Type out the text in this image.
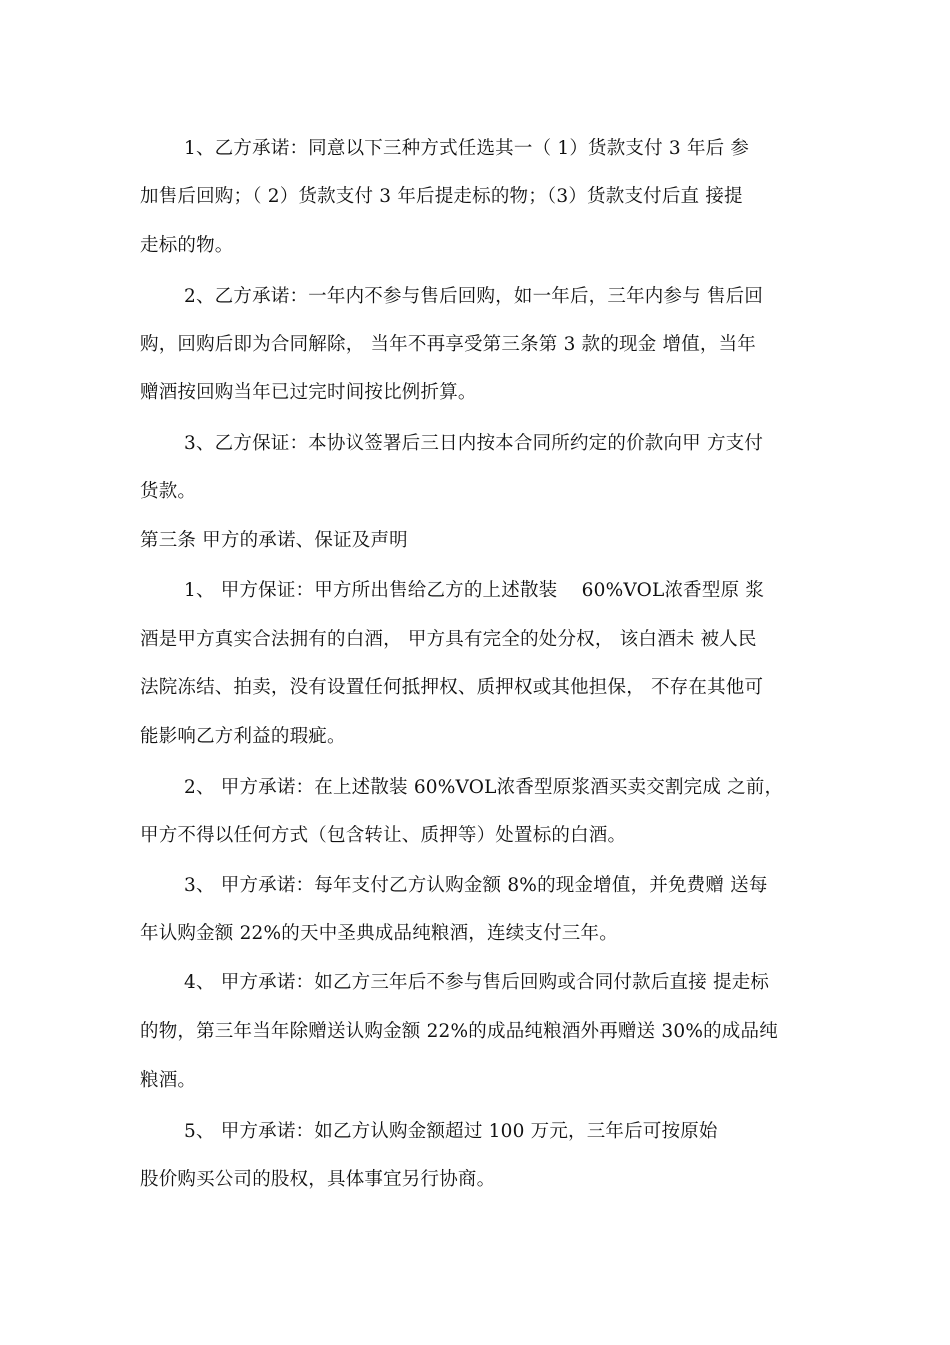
1、乙方承诺：同意以下三种方式任选其一（ 1）货款支付 3 年后 参
加售后回购；（ 2）货款支付 3 年后提走标的物；（3）货款支付后直 接提
走标的物。
2、乙方承诺：一年内不参与售后回购，如一年后，三年内参与 售后回
购，回购后即为合同解除， 当年不再享受第三条第 3 款的现金 增值，当年
赠酒按回购当年已过完时间按比例折算。
3、乙方保证：本协议签署后三日内按本合同所约定的价款向甲 方支付
货款。
第三条 甲方的承诺、保证及声明
1、 甲方保证：甲方所出售给乙方的上述散装    60%VOL浓香型原 浆
酒是甲方真实合法拥有的白酒， 甲方具有完全的处分权， 该白酒未 被人民
法院冻结、拍卖，没有设置任何抵押权、质押权或其他担保， 不存在其他可
能影响乙方利益的瑕疵。
2、 甲方承诺：在上述散装 60%VOL浓香型原浆酒买卖交割完成 之前，
甲方不得以任何方式（包含转让、质押等）处置标的白酒。
3、 甲方承诺：每年支付乙方认购金额 8%的现金增值，并免费赠 送每
年认购金额 22%的天中圣典成品纯粮酒，连续支付三年。
4、 甲方承诺：如乙方三年后不参与售后回购或合同付款后直接 提走标
的物，第三年当年除赠送认购金额 22%的成品纯粮酒外再赠送 30%的成品纯
粮酒。
5、 甲方承诺：如乙方认购金额超过 100 万元，三年后可按原始
股价购买公司的股权，具体事宜另行协商。
